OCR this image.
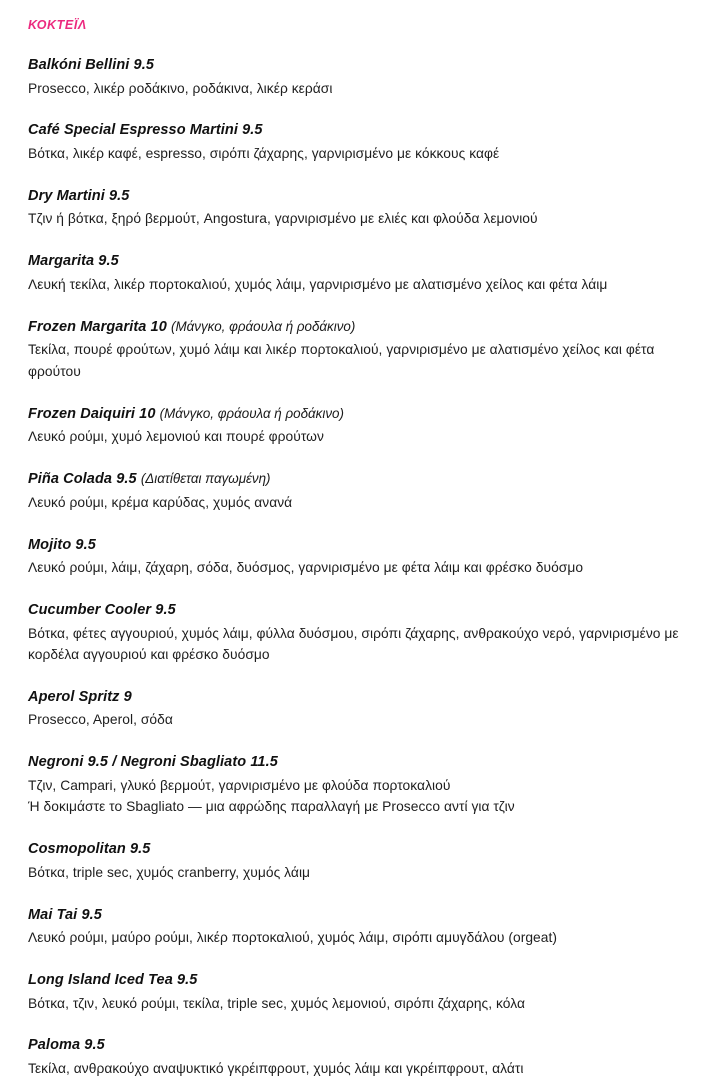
ΚΟΚΤΕΪΛ
Balkóni Bellini 9.5

Prosecco, λικέρ ροδάκινο, ροδάκινα, λικέρ κεράσι

Café Special Espresso Martini 9.5

Βότκα, λικέρ καφέ, espresso, σιρόπι ζάχαρης, γαρνιρισμένο με κόκκους καφέ

Dry Martini 9.5

Τζιν ή βότκα, ξηρό βερμούτ, Angostura, γαρνιρισμένο με ελιές και φλούδα λεμονιού

Margarita 9.5

Λευκή τεκίλα, λικέρ πορτοκαλιού, χυμός λάιμ, γαρνιρισμένο με αλατισμένο χείλος και φέτα λάιμ

Frozen Margarita 10 (Μάνγκο, φράουλα ή ροδάκινο)

Τεκίλα, πουρέ φρούτων, χυμό λάιμ και λικέρ πορτοκαλιού, γαρνιρισμένο με αλατισμένο χείλος και φέτα φρούτου

Frozen Daiquiri 10 (Μάνγκο, φράουλα ή ροδάκινο)

Λευκό ρούμι, χυμό λεμονιού και πουρέ φρούτων

Piña Colada 9.5 (Διατίθεται παγωμένη)

Λευκό ρούμι, κρέμα καρύδας, χυμός ανανά

Mojito 9.5

Λευκό ρούμι, λάιμ, ζάχαρη, σόδα, δυόσμος, γαρνιρισμένο με φέτα λάιμ και φρέσκο δυόσμο

Cucumber Cooler 9.5

Βότκα, φέτες αγγουριού, χυμός λάιμ, φύλλα δυόσμου, σιρόπι ζάχαρης, ανθρακούχο νερό, γαρνιρισμένο με κορδέλα αγγουριού και φρέσκο δυόσμο

Aperol Spritz 9

Prosecco, Aperol, σόδα

Negroni 9.5 / Negroni Sbagliato 11.5

Τζιν, Campari, γλυκό βερμούτ, γαρνιρισμένο με φλούδα πορτοκαλιού

Ή δοκιμάστε το Sbagliato — μια αφρώδης παραλλαγή με Prosecco αντί για τζιν

Cosmopolitan 9.5

Βότκα, triple sec, χυμός cranberry, χυμός λάιμ

Mai Tai 9.5

Λευκό ρούμι, μαύρο ρούμι, λικέρ πορτοκαλιού, χυμός λάιμ, σιρόπι αμυγδάλου (orgeat)

Long Island Iced Tea 9.5

Βότκα, τζιν, λευκό ρούμι, τεκίλα, triple sec, χυμός λεμονιού, σιρόπι ζάχαρης, κόλα

Paloma 9.5

Τεκίλα, ανθρακούχο αναψυκτικό γκρέιπφρουτ, χυμός λάιμ και γκρέιπφρουτ, αλάτι
